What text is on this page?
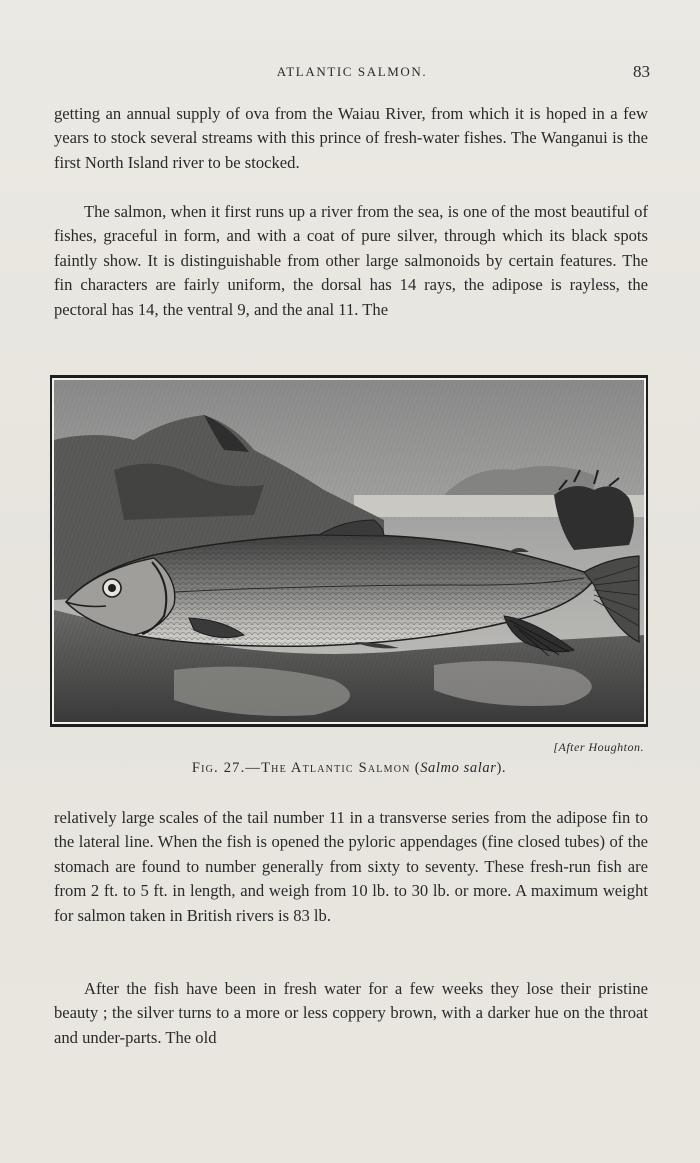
ATLANTIC SALMON.	83

getting an annual supply of ova from the Waiau River, from which it is hoped in a few years to stock several streams with this prince of fresh-water fishes. The Wanganui is the first North Island river to be stocked.

The salmon, when it first runs up a river from the sea, is one of the most beautiful of fishes, graceful in form, and with a coat of pure silver, through which its black spots faintly show. It is distinguishable from other large salmonoids by certain features. The fin characters are fairly uniform, the dorsal has 14 rays, the adipose is rayless, the pectoral has 14, the ventral 9, and the anal 11. The

[After Houghton.
Fig. 27.—The Atlantic Salmon (Salmo salar).

relatively large scales of the tail number 11 in a transverse series from the adipose fin to the lateral line. When the fish is opened the pyloric appendages (fine closed tubes) of the stomach are found to number generally from sixty to seventy. These fresh-run fish are from 2 ft. to 5 ft. in length, and weigh from 10 lb. to 30 lb. or more. A maximum weight for salmon taken in British rivers is 83 lb.

After the fish have been in fresh water for a few weeks they lose their pristine beauty ; the silver turns to a more or less coppery brown, with a darker hue on the throat and under-parts. The old
